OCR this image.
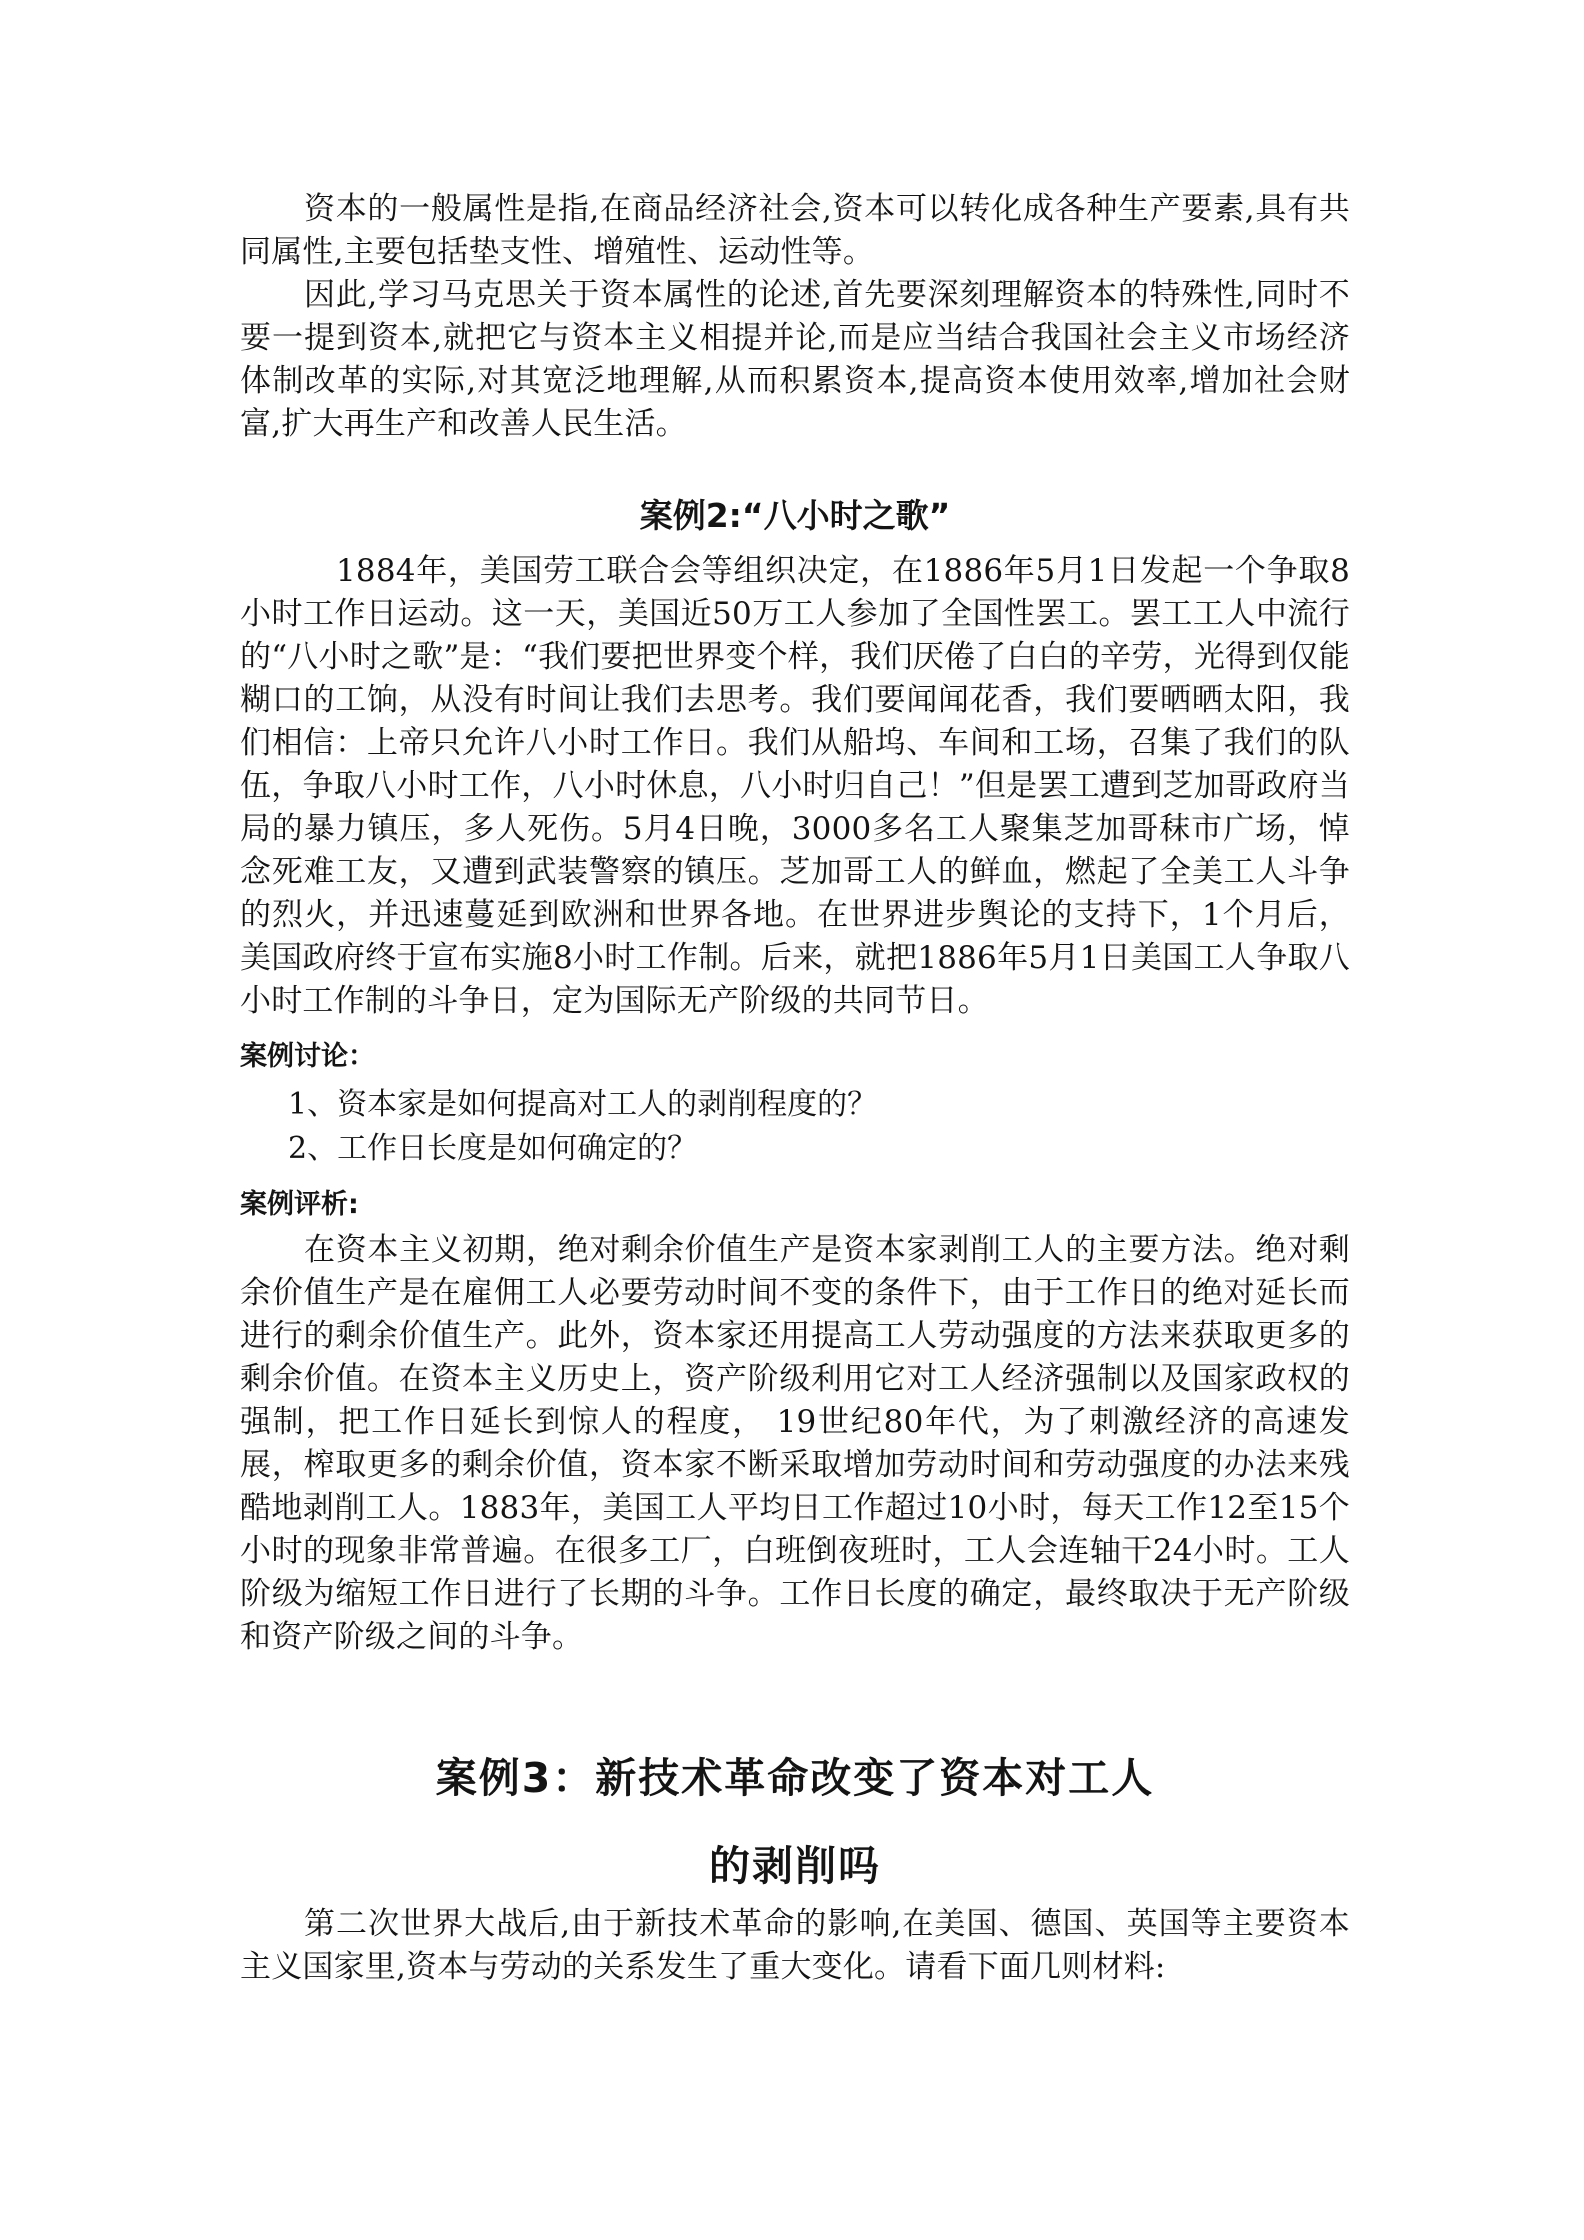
资本的一般属性是指,在商品经济社会,资本可以转化成各种生产要素,具有共同属性,主要包括垫支性、增殖性、运动性等。

因此,学习马克思关于资本属性的论述,首先要深刻理解资本的特殊性,同时不要一提到资本,就把它与资本主义相提并论,而是应当结合我国社会主义市场经济体制改革的实际,对其宽泛地理解,从而积累资本,提高资本使用效率,增加社会财富,扩大再生产和改善人民生活。

案例2:“八小时之歌”

1884年，美国劳工联合会等组织决定，在1886年5月1日发起一个争取8小时工作日运动。这一天，美国近50万工人参加了全国性罢工。罢工工人中流行的“八小时之歌”是：“我们要把世界变个样，我们厌倦了白白的辛劳，光得到仅能糊口的工饷，从没有时间让我们去思考。我们要闻闻花香，我们要晒晒太阳，我们相信：上帝只允许八小时工作日。我们从船坞、车间和工场，召集了我们的队伍，争取八小时工作，八小时休息，八小时归自己！”但是罢工遭到芝加哥政府当局的暴力镇压，多人死伤。5月4日晚，3000多名工人聚集芝加哥秣市广场，悼念死难工友，又遭到武装警察的镇压。芝加哥工人的鲜血，燃起了全美工人斗争的烈火，并迅速蔓延到欧洲和世界各地。在世界进步舆论的支持下，1个月后，美国政府终于宣布实施8小时工作制。后来，就把1886年5月1日美国工人争取八小时工作制的斗争日，定为国际无产阶级的共同节日。

案例讨论：

1、资本家是如何提高对工人的剥削程度的？

2、工作日长度是如何确定的？

案例评析:

在资本主义初期，绝对剩余价值生产是资本家剥削工人的主要方法。绝对剩余价值生产是在雇佣工人必要劳动时间不变的条件下，由于工作日的绝对延长而进行的剩余价值生产。此外，资本家还用提高工人劳动强度的方法来获取更多的剩余价值。在资本主义历史上，资产阶级利用它对工人经济强制以及国家政权的强制，把工作日延长到惊人的程度， 19世纪80年代，为了刺激经济的高速发展，榨取更多的剩余价值，资本家不断采取增加劳动时间和劳动强度的办法来残酷地剥削工人。1883年，美国工人平均日工作超过10小时，每天工作12至15个小时的现象非常普遍。在很多工厂，白班倒夜班时，工人会连轴干24小时。工人阶级为缩短工作日进行了长期的斗争。工作日长度的确定，最终取决于无产阶级和资产阶级之间的斗争。

案例3：新技术革命改变了资本对工人
的剥削吗

第二次世界大战后,由于新技术革命的影响,在美国、德国、英国等主要资本主义国家里,资本与劳动的关系发生了重大变化。请看下面几则材料:
